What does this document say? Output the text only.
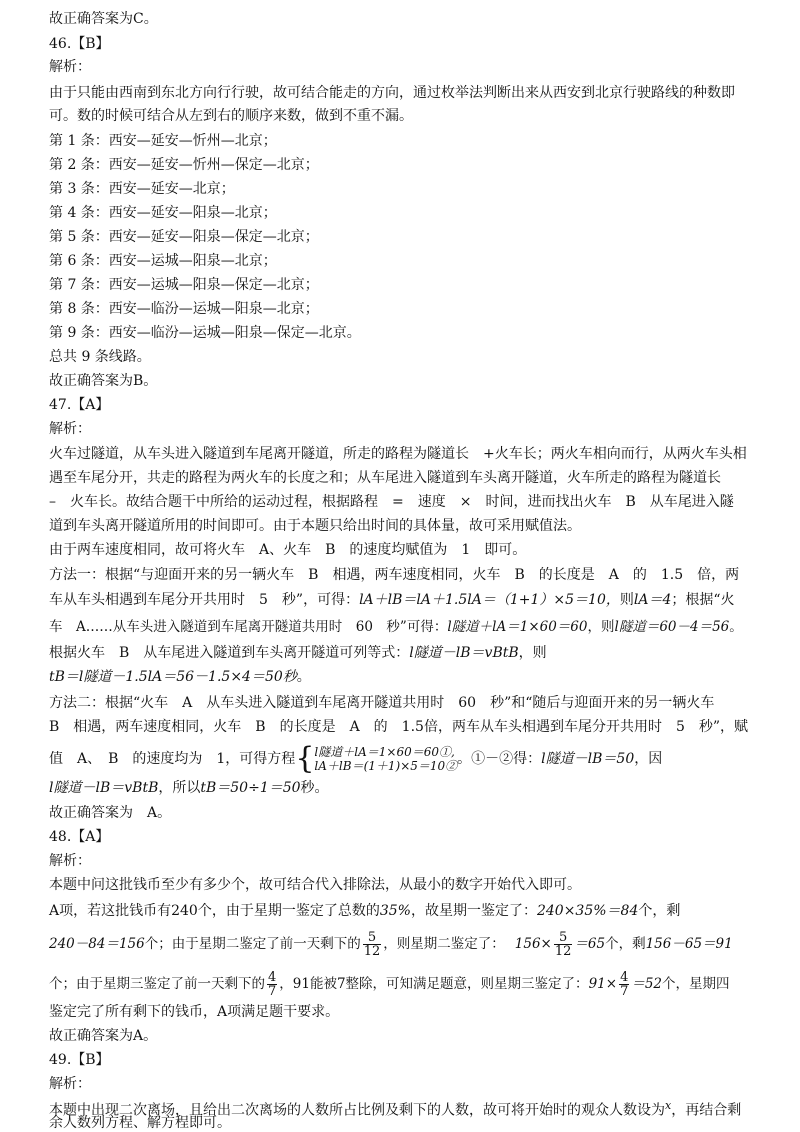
故正确答案为C。
46.【B】
解析：
由于只能由西南到东北方向行行驶，故可结合能走的方向，通过枚举法判断出来从西安到北京行驶路线的种数即
可。数的时候可结合从左到右的顺序来数，做到不重不漏。
第 1 条：西安—延安—忻州—北京；
第 2 条：西安—延安—忻州—保定—北京；
第 3 条：西安—延安—北京；
第 4 条：西安—延安—阳泉—北京；
第 5 条：西安—延安—阳泉—保定—北京；
第 6 条：西安—运城—阳泉—北京；
第 7 条：西安—运城—阳泉—保定—北京；
第 8 条：西安—临汾—运城—阳泉—北京；
第 9 条：西安—临汾—运城—阳泉—保定—北京。
总共 9 条线路。
故正确答案为B。
47.【A】
解析：
火车过隧道，从车头进入隧道到车尾离开隧道，所走的路程为隧道长　+火车长；两火车相向而行，从两火车头相
遇至车尾分开，共走的路程为两火车的长度之和；从车尾进入隧道到车头离开隧道，火车所走的路程为隧道长
–　火车长。故结合题干中所给的运动过程，根据路程　=　速度　×　时间，进而找出火车　B　从车尾进入隧
道到车头离开隧道所用的时间即可。由于本题只给出时间的具体量，故可采用赋值法。
由于两车速度相同，故可将火车　A、火车　B　的速度均赋值为　1　即可。
方法一：根据“与迎面开来的另一辆火车　B　相遇，两车速度相同，火车　B　的长度是　A　的　1.5　倍，两
车从车头相遇到车尾分开共用时　5　秒”，可得：lA＋lB＝lA＋1.5lA＝（1+1）×5＝10，则lA＝4；根据“火
车　A……从车头进入隧道到车尾离开隧道共用时　60　秒”可得：l隧道＋lA＝1×60＝60，则l隧道＝60－4＝56。
根据火车　B　从车尾进入隧道到车头离开隧道可列等式：l隧道－lB＝vBtB，则
tB＝l隧道－1.5lA＝56－1.5×4＝50秒。
方法二：根据“火车　A　从车头进入隧道到车尾离开隧道共用时　60　秒”和“随后与迎面开来的另一辆火车
B　相遇，两车速度相同，火车　B　的长度是　A　的　1.5倍，两车从车头相遇到车尾分开共用时　5　秒”，赋
值　A、　B　的速度均为　1，可得方程{ l隧道＋lA＝1×60＝60①,
lA＋lB＝(1＋1)×5＝10② 。①－②得：l隧道－lB＝50，因
l隧道－lB＝vBtB，所以tB＝50÷1＝50秒。
故正确答案为　A。
48.【A】
解析：
本题中问这批钱币至少有多少个，故可结合代入排除法，从最小的数字开始代入即可。
A项，若这批钱币有240个，由于星期一鉴定了总数的35%，故星期一鉴定了：240×35%＝84个，剩
240－84＝156个；由于星期二鉴定了前一天剩下的 $\frac{5}{12}$ ，则星期二鉴定了： $156\times \frac{5}{12} =65$个，剩156－65＝91
个；由于星期三鉴定了前一天剩下的 $\frac{4}{7}$ ，91能被7整除，可知满足题意，则星期三鉴定了：$91\times \frac{4}{7} =52$个，星期四
鉴定完了所有剩下的钱币，A项满足题干要求。
故正确答案为A。
49.【B】
解析：
本题中出现二次离场，且给出二次离场的人数所占比例及剩下的人数，故可将开始时的观众人数设为$^x$，再结合剩
余人数列方程、解方程即可。
